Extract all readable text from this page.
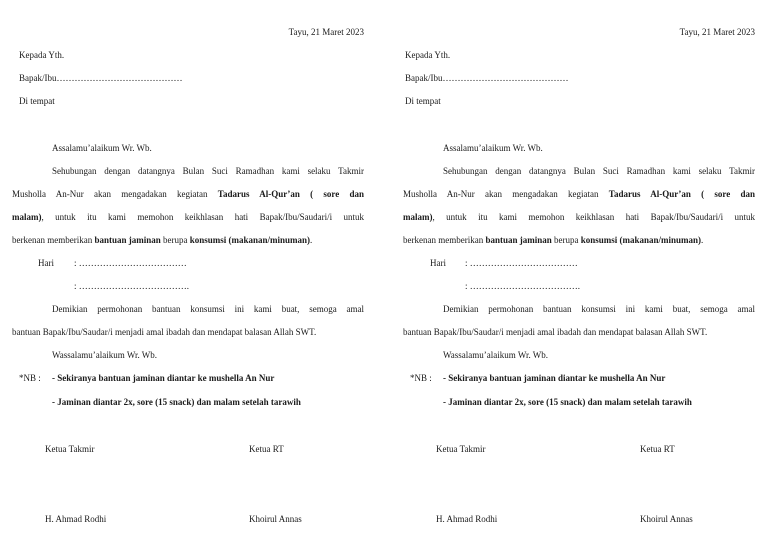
Tayu, 21 Maret 2023
Kepada Yth.
Bapak/Ibu……………………………………
Di tempat
Assalamu’alaikum Wr. Wb.
Sehubungan dengan datangnya Bulan Suci Ramadhan kami selaku Takmir
Musholla An-Nur akan mengadakan kegiatan Tadarus Al-Qur’an ( sore dan
malam), untuk itu kami memohon keikhlasan hati Bapak/Ibu/Saudari/i untuk
berkenan memberikan bantuan jaminan berupa konsumsi (makanan/minuman).
Hari : ………………………………
: ……………………………….
Demikian permohonan bantuan konsumsi ini kami buat, semoga amal
bantuan Bapak/Ibu/Saudar/i menjadi amal ibadah dan mendapat balasan Allah SWT.
Wassalamu’alaikum Wr. Wb.
*NB : - Sekiranya bantuan jaminan diantar ke mushella An Nur
- Jaminan diantar 2x, sore (15 snack) dan malam setelah tarawih
Ketua Takmir	Ketua RT
H. Ahmad Rodhi	Khoirul Annas
Tayu, 21 Maret 2023
Kepada Yth.
Bapak/Ibu……………………………………
Di tempat
Assalamu’alaikum Wr. Wb.
Sehubungan dengan datangnya Bulan Suci Ramadhan kami selaku Takmir
Musholla An-Nur akan mengadakan kegiatan Tadarus Al-Qur’an ( sore dan
malam), untuk itu kami memohon keikhlasan hati Bapak/Ibu/Saudari/i untuk
berkenan memberikan bantuan jaminan berupa konsumsi (makanan/minuman).
Hari : ………………………………
: ……………………………….
Demikian permohonan bantuan konsumsi ini kami buat, semoga amal
bantuan Bapak/Ibu/Saudar/i menjadi amal ibadah dan mendapat balasan Allah SWT.
Wassalamu’alaikum Wr. Wb.
*NB : - Sekiranya bantuan jaminan diantar ke mushella An Nur
- Jaminan diantar 2x, sore (15 snack) dan malam setelah tarawih
Ketua Takmir	Ketua RT
H. Ahmad Rodhi	Khoirul Annas
